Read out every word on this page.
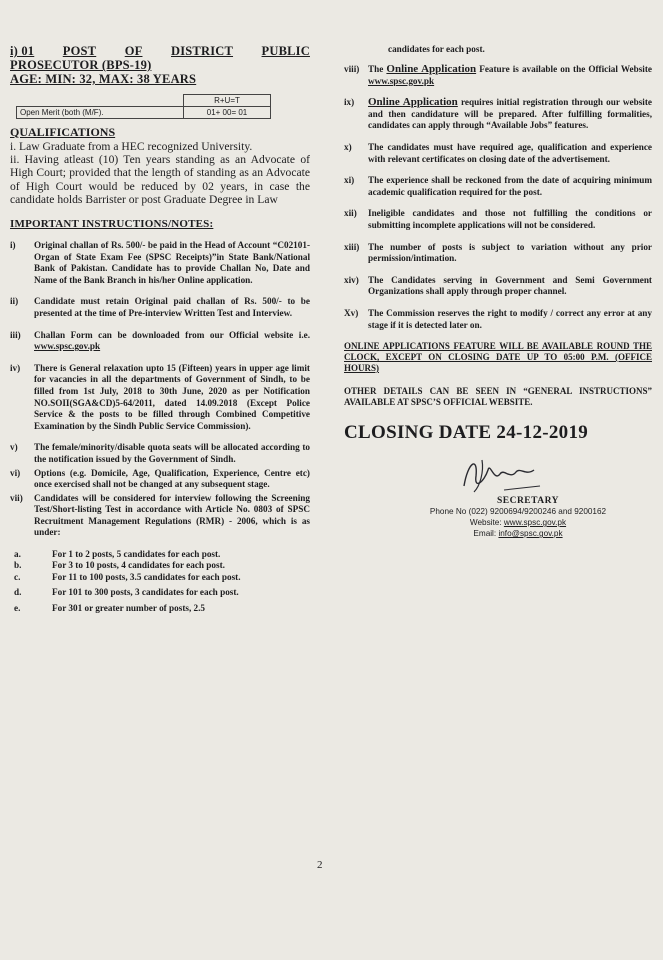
i) 01 POST OF DISTRICT PUBLIC
PROSECUTOR (BPS-19)
AGE: MIN: 32, MAX: 38 YEARS
	R+U=T
Open Merit (both (M/F).	01+ 00= 01
QUALIFICATIONS
i. Law Graduate from a HEC recognized University.
ii. Having atleast (10) Ten years standing as an Advocate of High Court; provided that the length of standing as an Advocate of High Court would be reduced by 02 years, in case the candidate holds Barrister or post Graduate Degree in Law
IMPORTANT INSTRUCTIONS/NOTES:
i)	Original challan of Rs. 500/- be paid in the Head of Account “C02101-Organ of State Exam Fee (SPSC Receipts)”in State Bank/National Bank of Pakistan. Candidate has to provide Challan No, Date and Name of the Bank Branch in his/her Online application.
ii)	Candidate must retain Original paid challan of Rs. 500/- to be presented at the time of Pre-interview Written Test and Interview.
iii)	Challan Form can be downloaded from our Official website i.e. www.spsc.gov.pk
iv)	There is General relaxation upto 15 (Fifteen) years in upper age limit for vacancies in all the departments of Government of Sindh, to be filled from 1st July, 2018 to 30th June, 2020 as per Notification NO.SOII(SGA&CD)5-64/2011, dated 14.09.2018 (Except Police Service & the posts to be filled through Combined Competitive Examination by the Sindh Public Service Commission).
v)	The female/minority/disable quota seats will be allocated according to the notification issued by the Government of Sindh.
vi)	Options (e.g. Domicile, Age, Qualification, Experience, Centre etc) once exercised shall not be changed at any subsequent stage.
vii)	Candidates will be considered for interview following the Screening Test/Short-listing Test in accordance with Article No. 0803 of SPSC Recruitment Management Regulations (RMR) - 2006, which is as under:
a.	For 1 to 2 posts, 5 candidates for each post.
b.	For 3 to 10 posts, 4 candidates for each post.
c.	For 11 to 100 posts, 3.5 candidates for each post.
d.	For 101 to 300 posts, 3 candidates for each post.
e.	For 301 or greater number of posts, 2.5
candidates for each post.
viii) The Online Application Feature is available on the Official Website www.spsc.gov.pk
ix)	Online Application requires initial registration through our website and then candidature will be prepared. After fulfilling formalities, candidates can apply through “Available Jobs” features.
x)	The candidates must have required age, qualification and experience with relevant certificates on closing date of the advertisement.
xi)	The experience shall be reckoned from the date of acquiring minimum academic qualification required for the post.
xii)	Ineligible candidates and those not fulfilling the conditions or submitting incomplete applications will not be considered.
xiii) The number of posts is subject to variation without any prior permission/intimation.
xiv) The Candidates serving in Government and Semi Government Organizations shall apply through proper channel.
Xv)	The Commission reserves the right to modify / correct any error at any stage if it is detected later on.
ONLINE APPLICATIONS FEATURE WILL BE AVAILABLE ROUND THE CLOCK, EXCEPT ON CLOSING DATE UP TO 05:00 P.M. (OFFICE HOURS)
OTHER DETAILS CAN BE SEEN IN “GENERAL INSTRUCTIONS” AVAILABLE AT SPSC’S OFFICIAL WEBSITE.
CLOSING DATE 24-12-2019
SECRETARY
Phone No (022) 9200694/9200246 and 9200162
Website: www.spsc.gov.pk
Email: info@spsc.gov.pk
2
